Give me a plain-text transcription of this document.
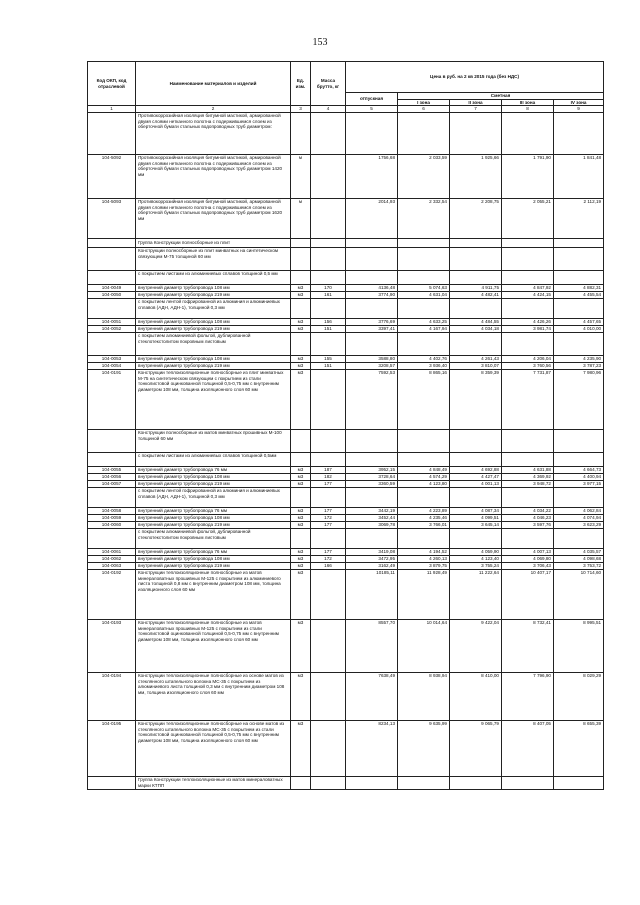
153
Код ОКП, код отраслевой	Наименование материалов и изделий	Ед. изм.	Масса брутто, кг	Цена в руб. на 2 кв 2015 года (без НДС)				
				отпускная	Сметная			
					I зона	II зона	III зона	IV зона
1	2	3	4	5	6	7	8	9
	Противокоррозийная изоляция битумной мастикой, армированной двумя слоями нетканного полотна с подержившемся слоем из оберточной бумаги стальных водопроводных труб диаметром:							
104-5092	Противокоррозийная изоляция битумной мастикой, армированной двумя слоями нетканного полотна с подержившемся слоем из оберточной бумаги стальных водопроводных труб диаметром 1420 мм	м		1756,68	2 033,59	1 925,66	1 791,90	1 841,48
104-5093	Противокоррозийная изоляция битумной мастикой, армированной двумя слоями нетканного полотна с подержившемся слоем из оберточной бумаги стальных водопроводных труб диаметром 1620 мм	м		2014,93	2 332,54	2 208,75	2 055,21	2 112,19
	Группа Конструкции полносборные из плит							
	Конструкции полносборные из плит минватных на синтетическом связующем М-75 толщиной 60 мм							
	с покрытием листами из алюминиевых сплавов толщиной 0,5 мм							
104-0049	внутренний диаметр трубопровода 108 мм	м3	170	4136,48	5 074,63	4 911,75	4 847,92	4 882,31
104-0050	внутренний диаметр трубопровода 219 мм	м3	161	3774,90	4 631,04	4 482,41	4 424,15	4 455,54
	с покрытием лентой гофрированной из алюминия и алюминиевых сплавов (АДН, АДН-1), толщиной 0,3 мм							
104-0051	внутренний диаметр трубопровода 108 мм	м3	156	3776,69	4 633,25	4 484,55	4 426,26	4 457,65
104-0052	внутренний диаметр трубопровода 219 мм	м3	151	3397,41	4 167,94	4 034,18	3 981,74	4 010,00
	с покрытием алюминиевой фольгой, дублированной стеклотекстолитом покровным листовым							
104-0053	внутренний диаметр трубопровода 108 мм	м3	155	3588,80	4 402,76	4 261,43	4 206,04	4 235,90
104-0054	внутренний диаметр трубопровода 219 мм	м3	151	3208,57	3 936,40	3 810,07	3 760,56	3 787,23
104-0191	Конструкции теплоизоляционные полносборные из плит минватных М-75 на синтетическом связующем с покрытием из стали тонколистовой оцинкованной толщиной 0,5-0,75 мм с внутренним диаметром 108 мм, толщина изоляционного слоя 60 мм	м3		7592,53	8 865,16	8 359,39	7 731,87	7 980,96
	Конструкции полносборные из матов минватных прошивных М-100 толщиной 60 мм							
	с покрытием листами из алюминиевых сплавов толщиной 0,5мм							
104-0055	внутренний диаметр трубопровода 76 мм	м3	187	3952,15	4 848,49	4 692,88	4 631,88	4 664,73
104-0056	внутренний диаметр трубопровода 108 мм	м3	182	3728,64	4 574,29	4 427,47	4 369,92	4 400,94
104-0057	внутренний диаметр трубопровода 219 мм	м3	177	3360,59	4 123,80	4 001,13	3 948,72	3 977,15
	с покрытием лентой гофрированной из алюминия и алюминиевых сплавов (АДН, АДН-1), толщиной 0,3 мм							
104-0058	внутренний диаметр трубопровода 76 мм	м3	177	3442,19	4 223,89	4 087,34	4 034,22	4 062,84
104-0059	внутренний диаметр трубопровода 108 мм	м3	172	3452,44	4 235,46	4 099,51	4 046,23	4 074,94
104-0060	внутренний диаметр трубопровода 219 мм	м3	177	3069,78	3 766,01	3 645,14	3 597,76	3 623,29
	с покрытием алюминиевой фольгой, дублированной стеклотекстолитом покровным листовым							
104-0061	внутренний диаметр трубопровода 76 мм	м3	177	3419,08	4 194,52	4 059,90	4 007,13	4 035,57
104-0062	внутренний диаметр трубопровода 108 мм	м3	172	3472,95	4 260,13	4 123,40	4 069,80	4 098,68
104-0063	внутренний диаметр трубопровода 219 мм	м3	166	3162,49	3 879,75	3 755,24	3 706,43	3 753,72
104-0192	Конструкции теплоизоляционные полносборные из матов минераловатных прошивных М-125 с покрытием из алюминиевого листа толщиной 0,8 мм с внутренним диаметром 108 мм, толщина изоляционного слоя 60 мм	м3		10185,11	11 928,49	11 222,64	10 407,17	10 714,60
104-0193	Конструкции теплоизоляционные полносборные из матов минераловатных прошивных М-125 с покрытием из стали тонколистовой оцинкованной толщиной 0,5-0,75 мм с внутренним диаметром 108 мм, толщина изоляционного слоя 60 мм	м3		8557,70	10 014,64	9 422,04	8 732,41	8 995,51
104-0194	Конструкции теплоизоляционные полносборные из основе матов из стеклянного штапельного волокна МС-35 с покрытием из алюминиевого листа толщиной 0,3 мм с внутренним диаметром 108 мм, толщина изоляционного слоя 60 мм	м3		7638,49	8 938,94	8 410,00	7 796,90	8 029,29
104-0195	Конструкции теплоизоляционные полносборные на основе матов из стеклянного штапельного волокна МС-35 с покрытием из стали тонколистовой оцинкованной толщиной 0,5-0,75 мм с внутренним диаметром 108 мм, толщина изоляционного слоя 60 мм	м3		8234,13	9 635,99	9 065,79	8 407,05	8 655,39
	Группа Конструкции теплоизоляционные из матов минераловатных марки КТПП							
